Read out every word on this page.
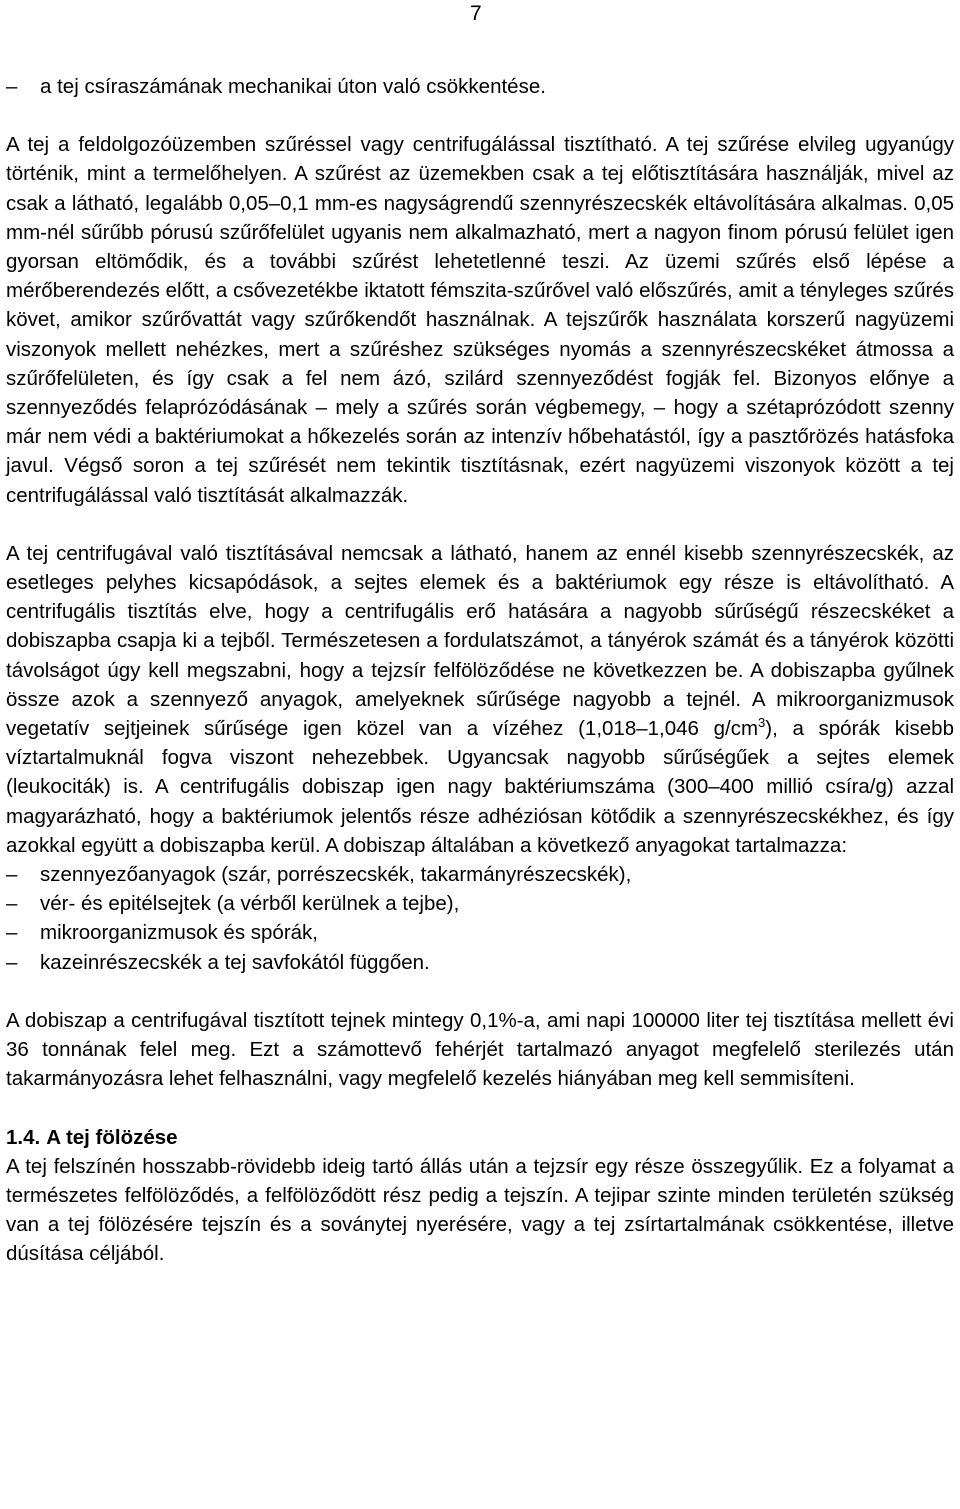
7
– a tej csíraszámának mechanikai úton való csökkentése.

A tej a feldolgozóüzemben szűréssel vagy centrifugálással tisztítható. A tej szűrése elvileg ugyanúgy történik, mint a termelőhelyen. A szűrést az üzemekben csak a tej előtisztítására használják, mivel az csak a látható, legalább 0,05–0,1 mm-es nagyságrendű szennyrészecskék eltávolítására alkalmas. 0,05 mm-nél sűrűbb pórusú szűrőfelület ugyanis nem alkalmazható, mert a nagyon finom pórusú felület igen gyorsan eltömődik, és a további szűrést lehetetlenné teszi. Az üzemi szűrés első lépése a mérőberendezés előtt, a csővezetékbe iktatott fémszita-szűrővel való előszűrés, amit a tényleges szűrés követ, amikor szűrővattát vagy szűrőkendőt használnak. A tejszűrők használata korszerű nagyüzemi viszonyok mellett nehézkes, mert a szűréshez szükséges nyomás a szennyrészecskéket átmossa a szűrőfelületen, és így csak a fel nem ázó, szilárd szennyeződést fogják fel. Bizonyos előnye a szennyeződés felaprózódásának – mely a szűrés során végbemegy, – hogy a szétaprózódott szenny már nem védi a baktériumokat a hőkezelés során az intenzív hőbehatástól, így a pasztőrözés hatásfoka javul. Végső soron a tej szűrését nem tekintik tisztításnak, ezért nagyüzemi viszonyok között a tej centrifugálással való tisztítását alkalmazzák.

A tej centrifugával való tisztításával nemcsak a látható, hanem az ennél kisebb szennyrészecskék, az esetleges pelyhes kicsapódások, a sejtes elemek és a baktériumok egy része is eltávolítható. A centrifugális tisztítás elve, hogy a centrifugális erő hatására a nagyobb sűrűségű részecskéket a dobiszapba csapja ki a tejből. Természetesen a fordulatszámot, a tányérok számát és a tányérok közötti távolságot úgy kell megszabni, hogy a tejzsír felfölöződése ne következzen be. A dobiszapba gyűlnek össze azok a szennyező anyagok, amelyeknek sűrűsége nagyobb a tejnél. A mikroorganizmusok vegetatív sejtjeinek sűrűsége igen közel van a vízéhez (1,018–1,046 $g/cm^3$), a spórák kisebb víztartalmuknál fogva viszont nehezebbek. Ugyancsak nagyobb sűrűségűek a sejtes elemek (leukociták) is. A centrifugális dobiszap igen nagy baktériumszáma (300–400 millió csíra/g) azzal magyarázható, hogy a baktériumok jelentős része adhéziósan kötődik a szennyrészecskékhez, és így azokkal együtt a dobiszapba kerül. A dobiszap általában a következő anyagokat tartalmazza:

– szennyezőanyagok (szár, porrészecskék, takarmányrészecskék),
– vér- és epitélsejtek (a vérből kerülnek a tejbe),
– mikroorganizmusok és spórák,
– kazeinrészecskék a tej savfokától függően.

A dobiszap a centrifugával tisztított tejnek mintegy 0,1%-a, ami napi 100000 liter tej tisztítása mellett évi 36 tonnának felel meg. Ezt a számottevő fehérjét tartalmazó anyagot megfelelő sterilezés után takarmányozásra lehet felhasználni, vagy megfelelő kezelés hiányában meg kell semmisíteni.

1.4. A tej fölözése

A tej felszínén hosszabb-rövidebb ideig tartó állás után a tejzsír egy része összegyűlik. Ez a folyamat a természetes felfölöződés, a felfölöződött rész pedig a tejszín. A tejipar szinte minden területén szükség van a tej fölözésére tejszín és a soványtej nyerésére, vagy a tej zsírtartalmának csökkentése, illetve dúsítása céljából.
